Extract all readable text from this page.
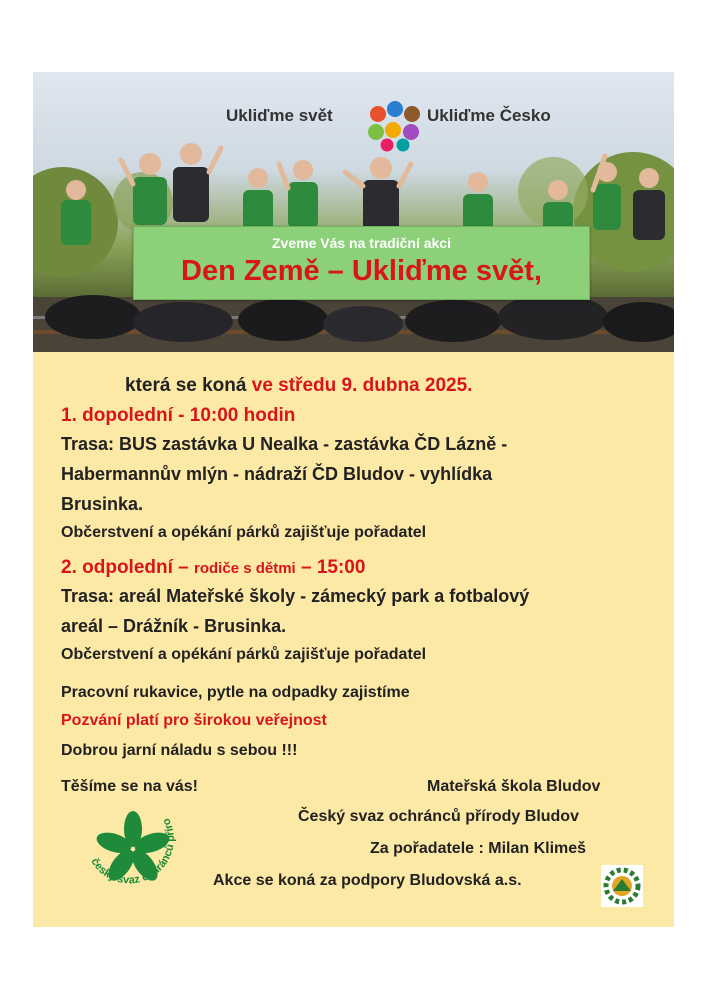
Ukliďme svět	Ukliďme Česko
Zveme Vás na tradiční akci
Den Země – Ukliďme svět,
která se koná ve středu 9. dubna 2025.
1. dopolední - 10:00 hodin
Trasa: BUS zastávka U Nealka - zastávka ČD Lázně -
Habermannův mlýn - nádraží ČD Bludov - vyhlídka
Brusinka.
Občerstvení a opékání párků zajišťuje pořadatel
2. odpolední – rodiče s dětmi – 15:00
Trasa: areál Mateřské školy - zámecký park a fotbalový
areál – Drážník - Brusinka.
Občerstvení a opékání párků zajišťuje pořadatel
Pracovní rukavice, pytle na odpadky zajistíme
Pozvání platí pro širokou veřejnost
Dobrou jarní náladu s sebou !!!
Těšíme se na vás!	Mateřská škola Bludov
Český svaz ochránců přírody Bludov
Za pořadatele : Milan Klimeš
Akce se koná za podpory Bludovská a.s.
český svaz ochránců příro
